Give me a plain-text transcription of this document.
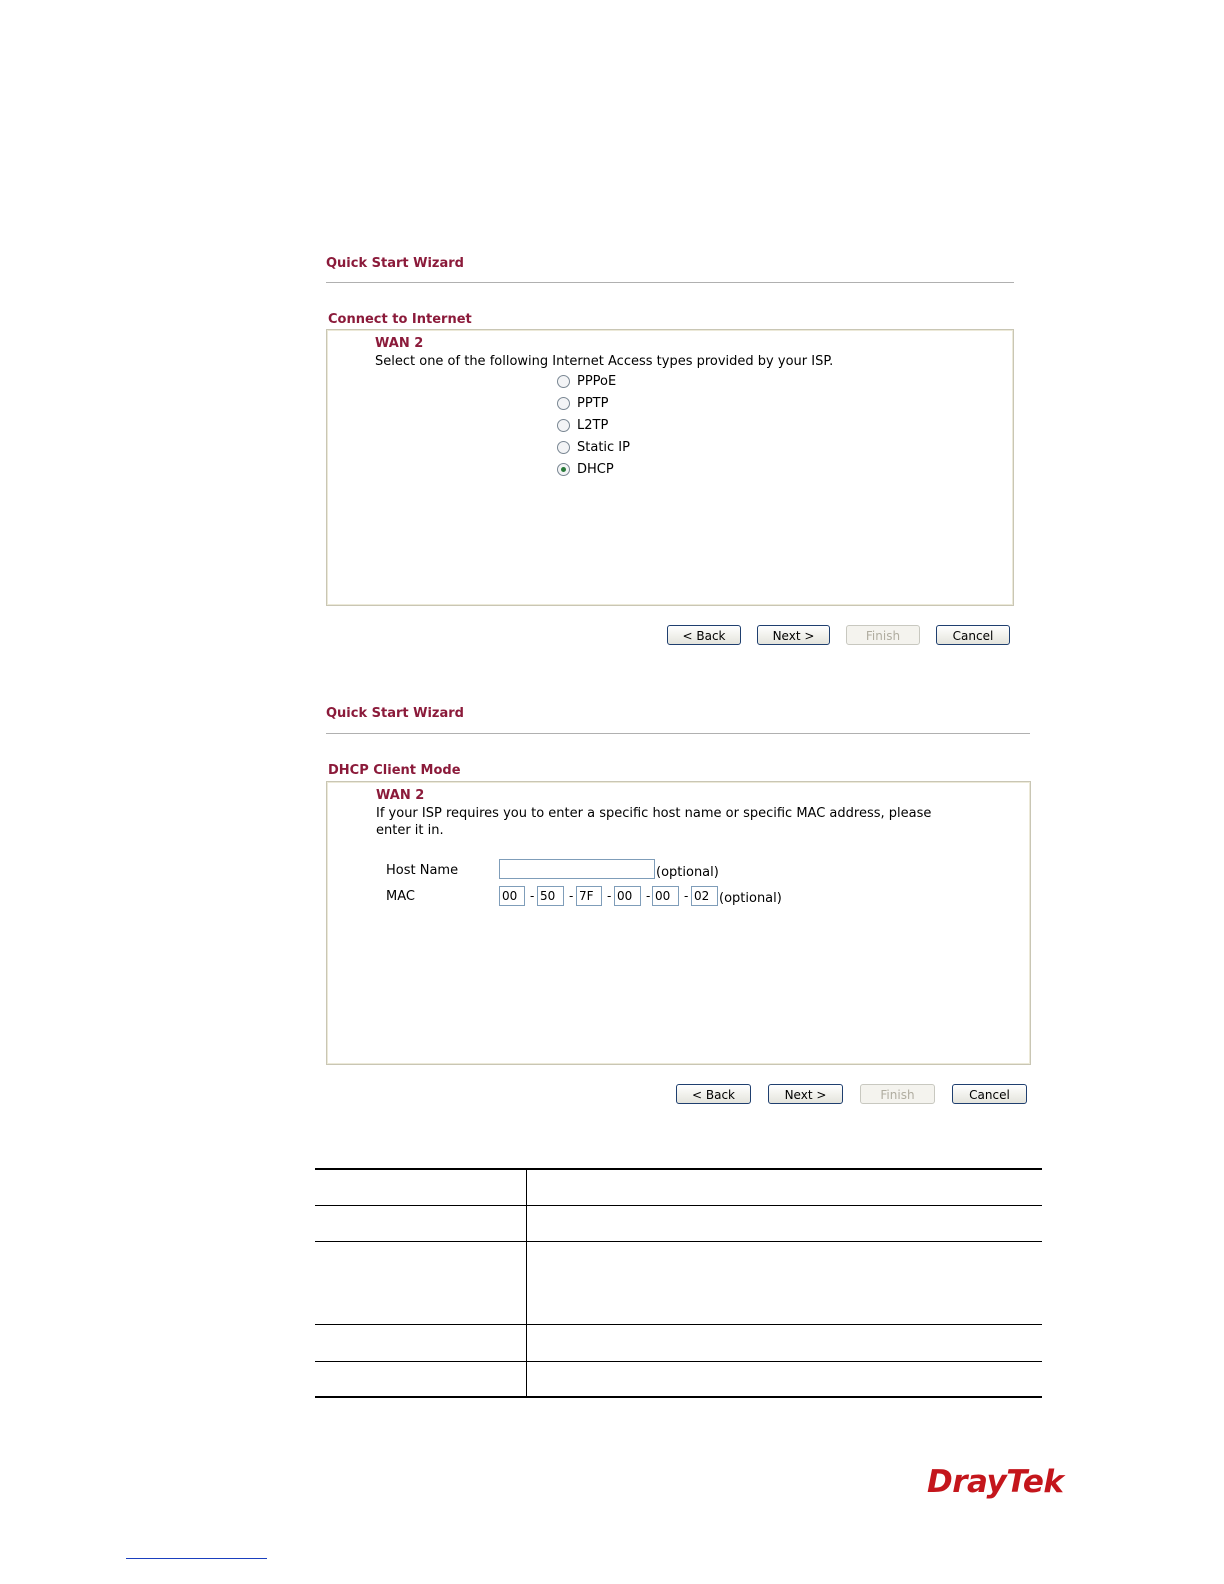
Quick Start Wizard
Connect to Internet
WAN 2
Select one of the following Internet Access types provided by your ISP.
PPPoE
PPTP
L2TP
Static IP
DHCP
< Back	Next >	Finish	Cancel
Quick Start Wizard
DHCP Client Mode
WAN 2
If your ISP requires you to enter a specific host name or specific MAC address, please
enter it in.
Host Name	(optional)
MAC	00	- 50	- 7F	- 00	- 00	- 02 (optional)
< Back	Next >	Finish	Cancel
DrayTek
